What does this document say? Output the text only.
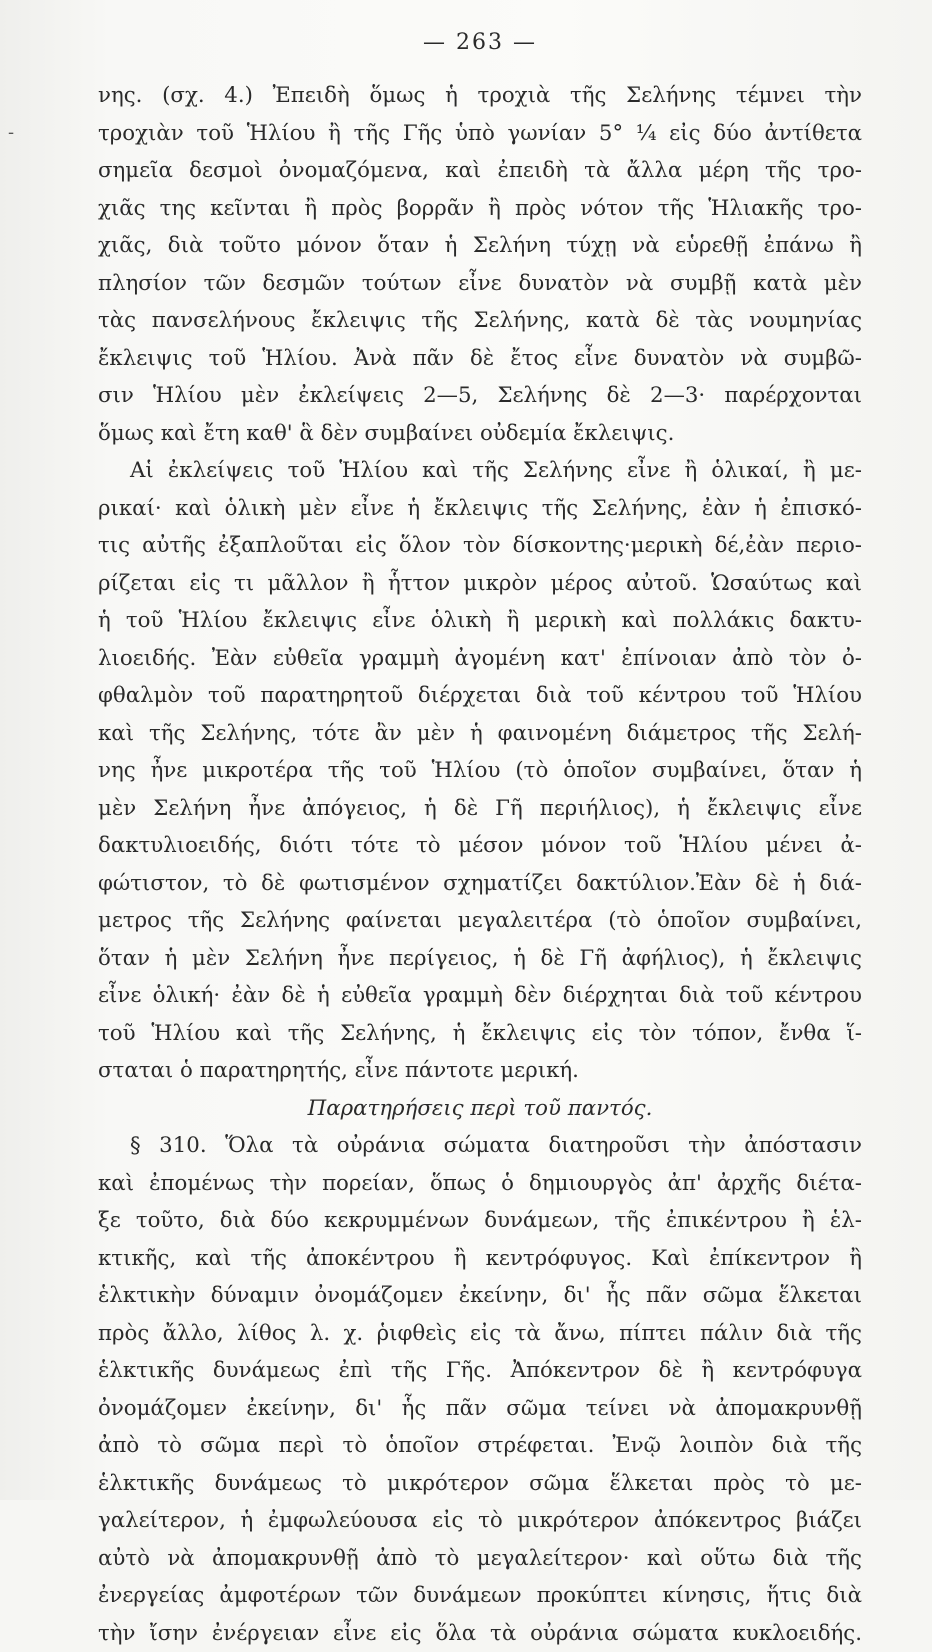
-
— 263 —
νης. (σχ. 4.) Ἐπειδὴ ὅμως ἡ τροχιὰ τῆς Σελήνης τέμνει τὴν
τροχιὰν τοῦ Ἡλίου ἢ τῆς Γῆς ὑπὸ γωνίαν 5° ¼ εἰς δύο ἀντίθετα
σημεῖα δεσμοὶ ὀνομαζόμενα, καὶ ἐπειδὴ τὰ ἄλλα μέρη τῆς τρο-
χιᾶς της κεῖνται ἢ πρὸς βορρᾶν ἢ πρὸς νότον τῆς Ἡλιακῆς τρο-
χιᾶς, διὰ τοῦτο μόνον ὅταν ἡ Σελήνη τύχῃ νὰ εὑρεθῇ ἐπάνω ἢ
πλησίον τῶν δεσμῶν τούτων εἶνε δυνατὸν νὰ συμβῇ κατὰ μὲν
τὰς πανσελήνους ἔκλειψις τῆς Σελήνης, κατὰ δὲ τὰς νουμηνίας
ἔκλειψις τοῦ Ἡλίου. Ἀνὰ πᾶν δὲ ἔτος εἶνε δυνατὸν νὰ συμβῶ-
σιν Ἡλίου μὲν ἐκλείψεις 2—5, Σελήνης δὲ 2—3· παρέρχονται
ὅμως καὶ ἔτη καθ' ἃ δὲν συμβαίνει οὐδεμία ἔκλειψις.
Αἱ ἐκλείψεις τοῦ Ἡλίου καὶ τῆς Σελήνης εἶνε ἢ ὁλικαί, ἢ με-
ρικαί· καὶ ὁλικὴ μὲν εἶνε ἡ ἔκλειψις τῆς Σελήνης, ἐὰν ἡ ἐπισκό-
τις αὐτῆς ἐξαπλοῦται εἰς ὅλον τὸν δίσκοντης·μερικὴ δέ,ἐὰν περιο-
ρίζεται εἰς τι μᾶλλον ἢ ἧττον μικρὸν μέρος αὐτοῦ. Ὡσαύτως καὶ
ἡ τοῦ Ἡλίου ἔκλειψις εἶνε ὁλικὴ ἢ μερικὴ καὶ πολλάκις δακτυ-
λιοειδής. Ἐὰν εὐθεῖα γραμμὴ ἀγομένη κατ' ἐπίνοιαν ἀπὸ τὸν ὀ-
φθαλμὸν τοῦ παρατηρητοῦ διέρχεται διὰ τοῦ κέντρου τοῦ Ἡλίου
καὶ τῆς Σελήνης, τότε ἂν μὲν ἡ φαινομένη διάμετρος τῆς Σελή-
νης ἦνε μικροτέρα τῆς τοῦ Ἡλίου (τὸ ὁποῖον συμβαίνει, ὅταν ἡ
μὲν Σελήνη ἦνε ἀπόγειος, ἡ δὲ Γῆ περιήλιος), ἡ ἔκλειψις εἶνε
δακτυλιοειδής, διότι τότε τὸ μέσον μόνον τοῦ Ἡλίου μένει ἀ-
φώτιστον, τὸ δὲ φωτισμένον σχηματίζει δακτύλιον.Ἐὰν δὲ ἡ διά-
μετρος τῆς Σελήνης φαίνεται μεγαλειτέρα (τὸ ὁποῖον συμβαίνει,
ὅταν ἡ μὲν Σελήνη ἦνε περίγειος, ἡ δὲ Γῆ ἀφήλιος), ἡ ἔκλειψις
εἶνε ὁλική· ἐὰν δὲ ἡ εὐθεῖα γραμμὴ δὲν διέρχηται διὰ τοῦ κέντρου
τοῦ Ἡλίου καὶ τῆς Σελήνης, ἡ ἔκλειψις εἰς τὸν τόπον, ἔνθα ἵ-
σταται ὁ παρατηρητής, εἶνε πάντοτε μερική.
Παρατηρήσεις περὶ τοῦ παντός.
§ 310. Ὅλα τὰ οὐράνια σώματα διατηροῦσι τὴν ἀπόστασιν
καὶ ἐπομένως τὴν πορείαν, ὅπως ὁ δημιουργὸς ἀπ' ἀρχῆς διέτα-
ξε τοῦτο, διὰ δύο κεκρυμμένων δυνάμεων, τῆς ἐπικέντρου ἢ ἑλ-
κτικῆς, καὶ τῆς ἀποκέντρου ἢ κεντρόφυγος. Καὶ ἐπίκεντρον ἢ
ἑλκτικὴν δύναμιν ὀνομάζομεν ἐκείνην, δι' ἧς πᾶν σῶμα ἕλκεται
πρὸς ἄλλο, λίθος λ. χ. ῥιφθεὶς εἰς τὰ ἄνω, πίπτει πάλιν διὰ τῆς
ἑλκτικῆς δυνάμεως ἐπὶ τῆς Γῆς. Ἀπόκεντρον δὲ ἢ κεντρόφυγα
ὀνομάζομεν ἐκείνην, δι' ἧς πᾶν σῶμα τείνει νὰ ἀπομακρυνθῇ
ἀπὸ τὸ σῶμα περὶ τὸ ὁποῖον στρέφεται. Ἐνῷ λοιπὸν διὰ τῆς
ἑλκτικῆς δυνάμεως τὸ μικρότερον σῶμα ἕλκεται πρὸς τὸ με-
γαλείτερον, ἡ ἐμφωλεύουσα εἰς τὸ μικρότερον ἀπόκεντρος βιάζει
αὐτὸ νὰ ἀπομακρυνθῇ ἀπὸ τὸ μεγαλείτερον· καὶ οὕτω διὰ τῆς
ἐνεργείας ἀμφοτέρων τῶν δυνάμεων προκύπτει κίνησις, ἥτις διὰ
τὴν ἴσην ἐνέργειαν εἶνε εἰς ὅλα τὰ οὐράνια σώματα κυκλοειδής.
